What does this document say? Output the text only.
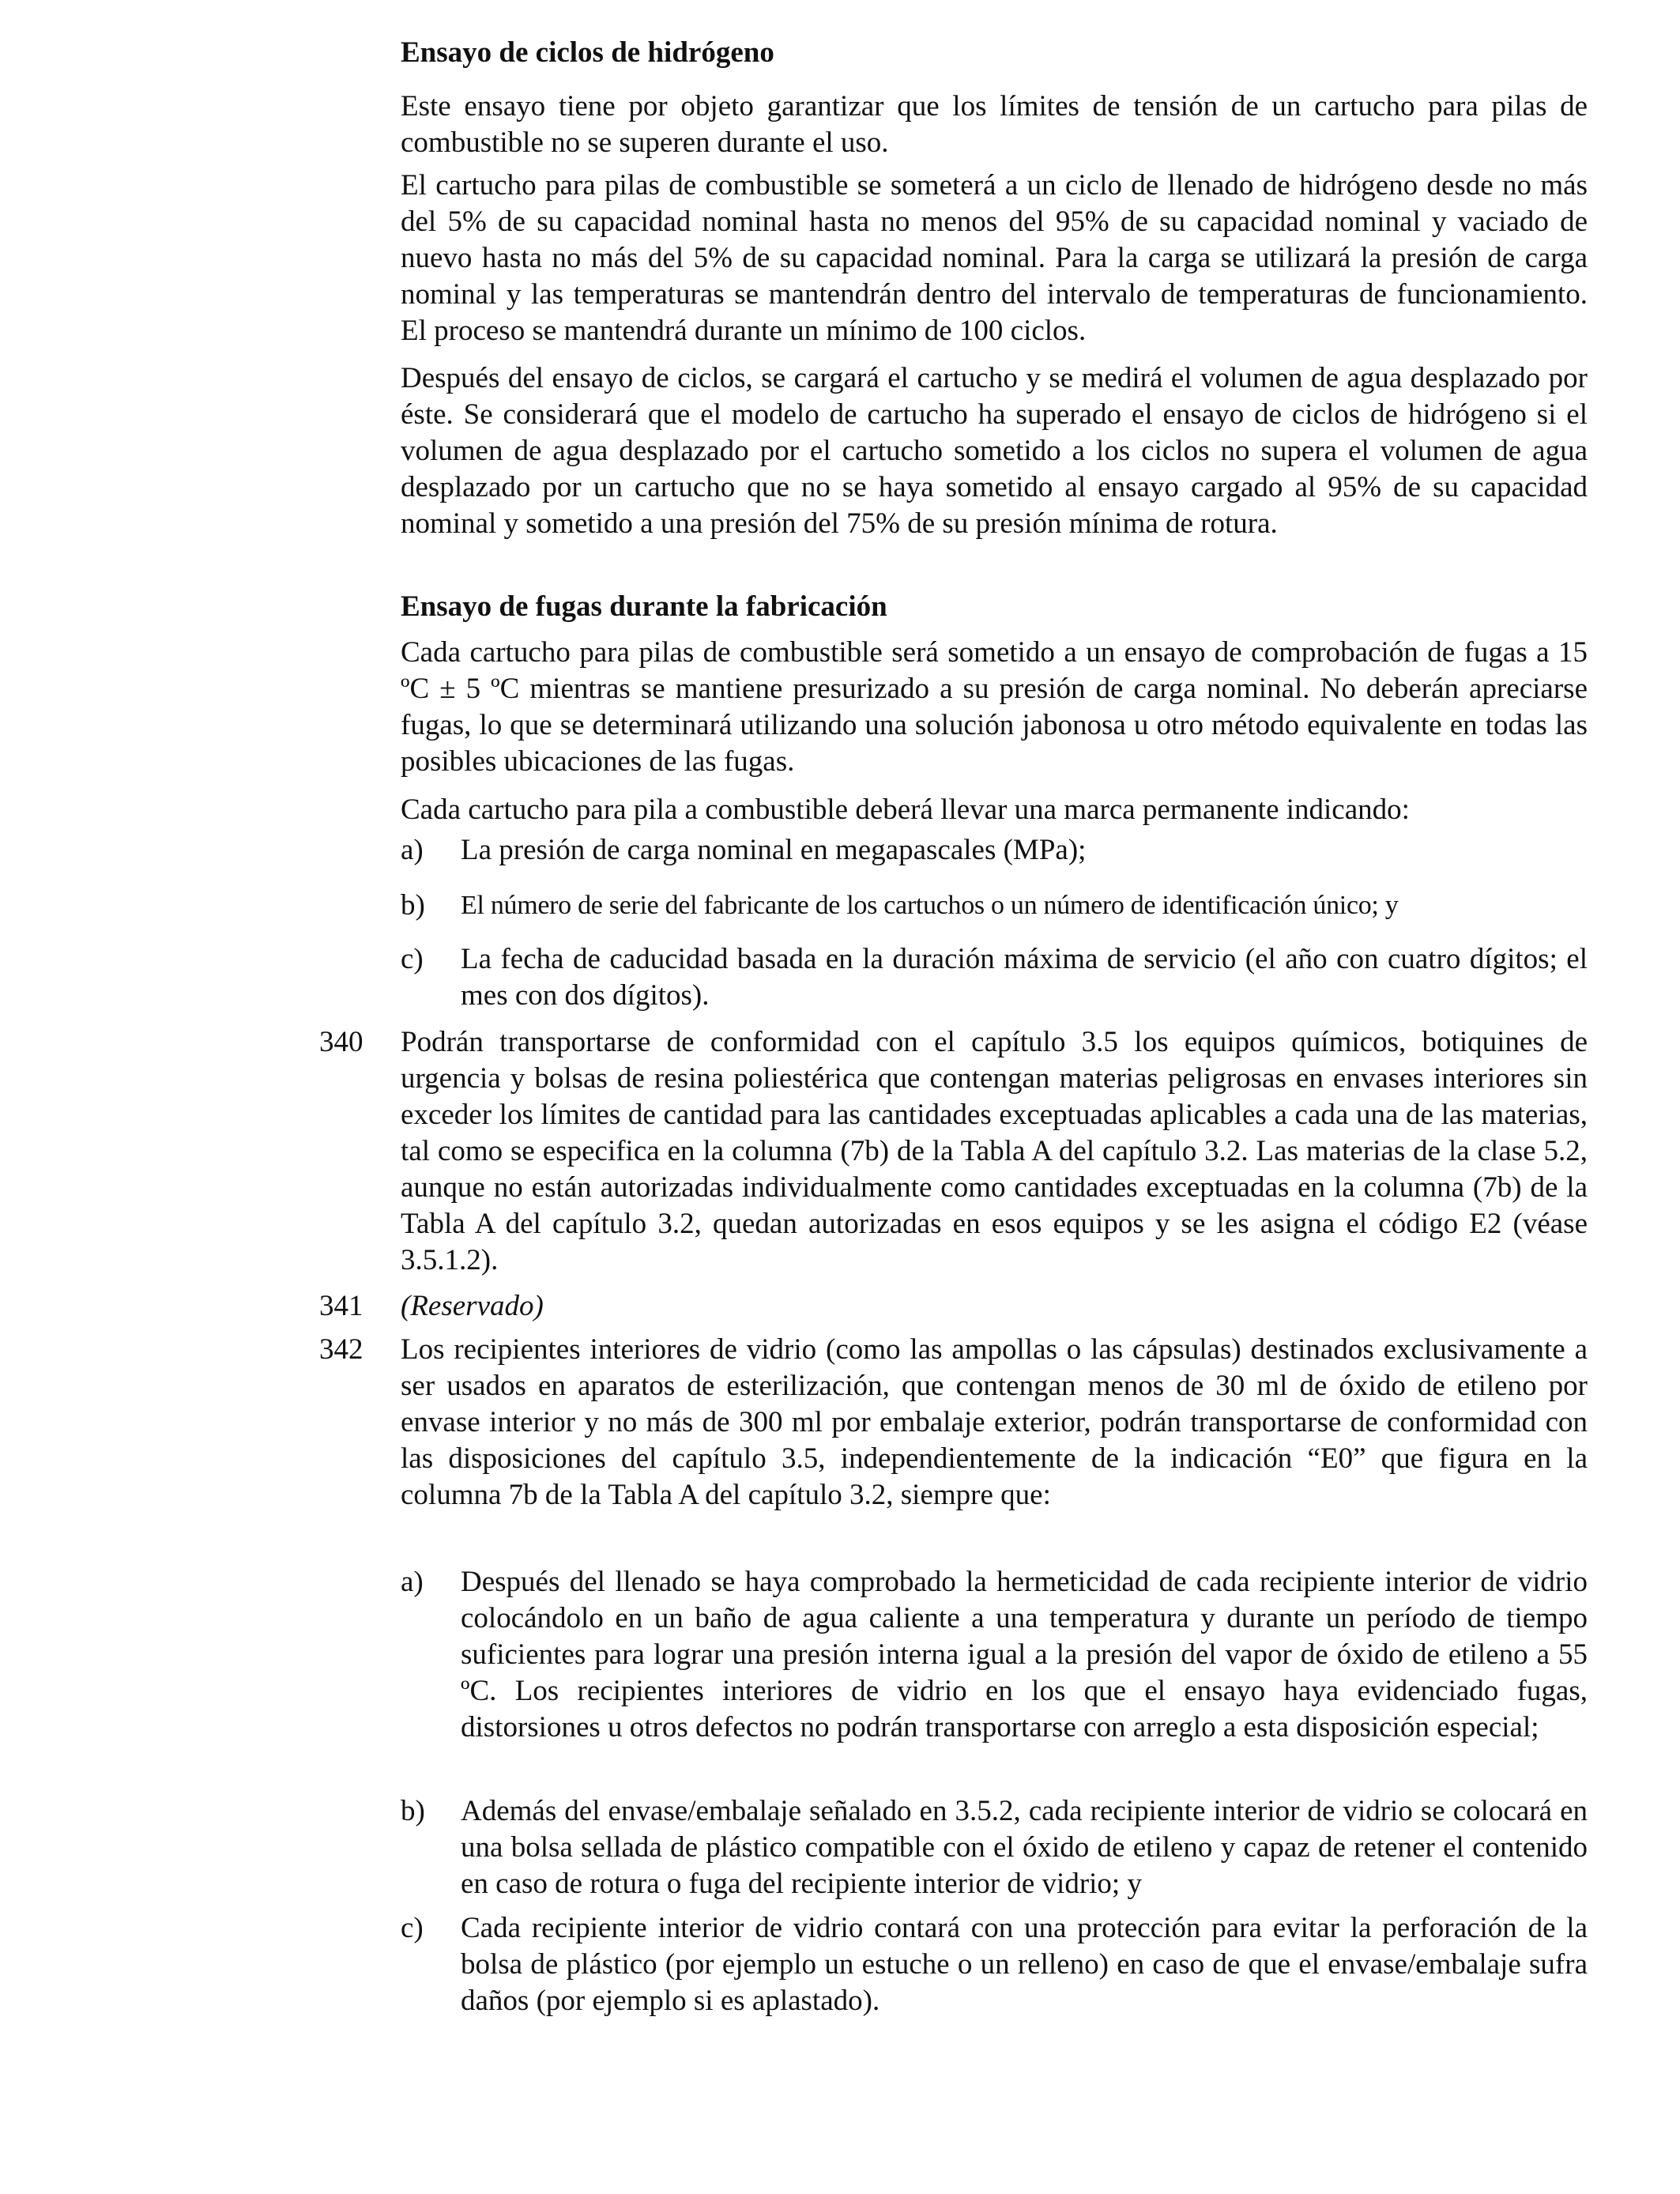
Ensayo de ciclos de hidrógeno

Este ensayo tiene por objeto garantizar que los límites de tensión de un cartucho para pilas de combustible no se superen durante el uso.

El cartucho para pilas de combustible se someterá a un ciclo de llenado de hidrógeno desde no más del 5% de su capacidad nominal hasta no menos del 95% de su capacidad nominal y vaciado de nuevo hasta no más del 5% de su capacidad nominal. Para la carga se utilizará la presión de carga nominal y las temperaturas se mantendrán dentro del intervalo de temperaturas de funcionamiento. El proceso se mantendrá durante un mínimo de 100 ciclos.

Después del ensayo de ciclos, se cargará el cartucho y se medirá el volumen de agua desplazado por éste. Se considerará que el modelo de cartucho ha superado el ensayo de ciclos de hidrógeno si el volumen de agua desplazado por el cartucho sometido a los ciclos no supera el volumen de agua desplazado por un cartucho que no se haya sometido al ensayo cargado al 95% de su capacidad nominal y sometido a una presión del 75% de su presión mínima de rotura.

Ensayo de fugas durante la fabricación

Cada cartucho para pilas de combustible será sometido a un ensayo de comprobación de fugas a 15 ºC ± 5 ºC mientras se mantiene presurizado a su presión de carga nominal. No deberán apreciarse fugas, lo que se determinará utilizando una solución jabonosa u otro método equivalente en todas las posibles ubicaciones de las fugas.

Cada cartucho para pila a combustible deberá llevar una marca permanente indicando:

a) La presión de carga nominal en megapascales (MPa);
b) El número de serie del fabricante de los cartuchos o un número de identificación único; y
c) La fecha de caducidad basada en la duración máxima de servicio (el año con cuatro dígitos; el mes con dos dígitos).
340 Podrán transportarse de conformidad con el capítulo 3.5 los equipos químicos, botiquines de urgencia y bolsas de resina poliestérica que contengan materias peligrosas en envases interiores sin exceder los límites de cantidad para las cantidades exceptuadas aplicables a cada una de las materias, tal como se especifica en la columna (7b) de la Tabla A del capítulo 3.2. Las materias de la clase 5.2, aunque no están autorizadas individualmente como cantidades exceptuadas en la columna (7b) de la Tabla A del capítulo 3.2, quedan autorizadas en esos equipos y se les asigna el código E2 (véase 3.5.1.2).

341 (Reservado)

342 Los recipientes interiores de vidrio (como las ampollas o las cápsulas) destinados exclusivamente a ser usados en aparatos de esterilización, que contengan menos de 30 ml de óxido de etileno por envase interior y no más de 300 ml por embalaje exterior, podrán transportarse de conformidad con las disposiciones del capítulo 3.5, independientemente de la indicación “E0” que figura en la columna 7b de la Tabla A del capítulo 3.2, siempre que:

a) Después del llenado se haya comprobado la hermeticidad de cada recipiente interior de vidrio colocándolo en un baño de agua caliente a una temperatura y durante un período de tiempo suficientes para lograr una presión interna igual a la presión del vapor de óxido de etileno a 55 ºC. Los recipientes interiores de vidrio en los que el ensayo haya evidenciado fugas, distorsiones u otros defectos no podrán transportarse con arreglo a esta disposición especial;
b) Además del envase/embalaje señalado en 3.5.2, cada recipiente interior de vidrio se colocará en una bolsa sellada de plástico compatible con el óxido de etileno y capaz de retener el contenido en caso de rotura o fuga del recipiente interior de vidrio; y
c) Cada recipiente interior de vidrio contará con una protección para evitar la perforación de la bolsa de plástico (por ejemplo un estuche o un relleno) en caso de que el envase/embalaje sufra daños (por ejemplo si es aplastado).
